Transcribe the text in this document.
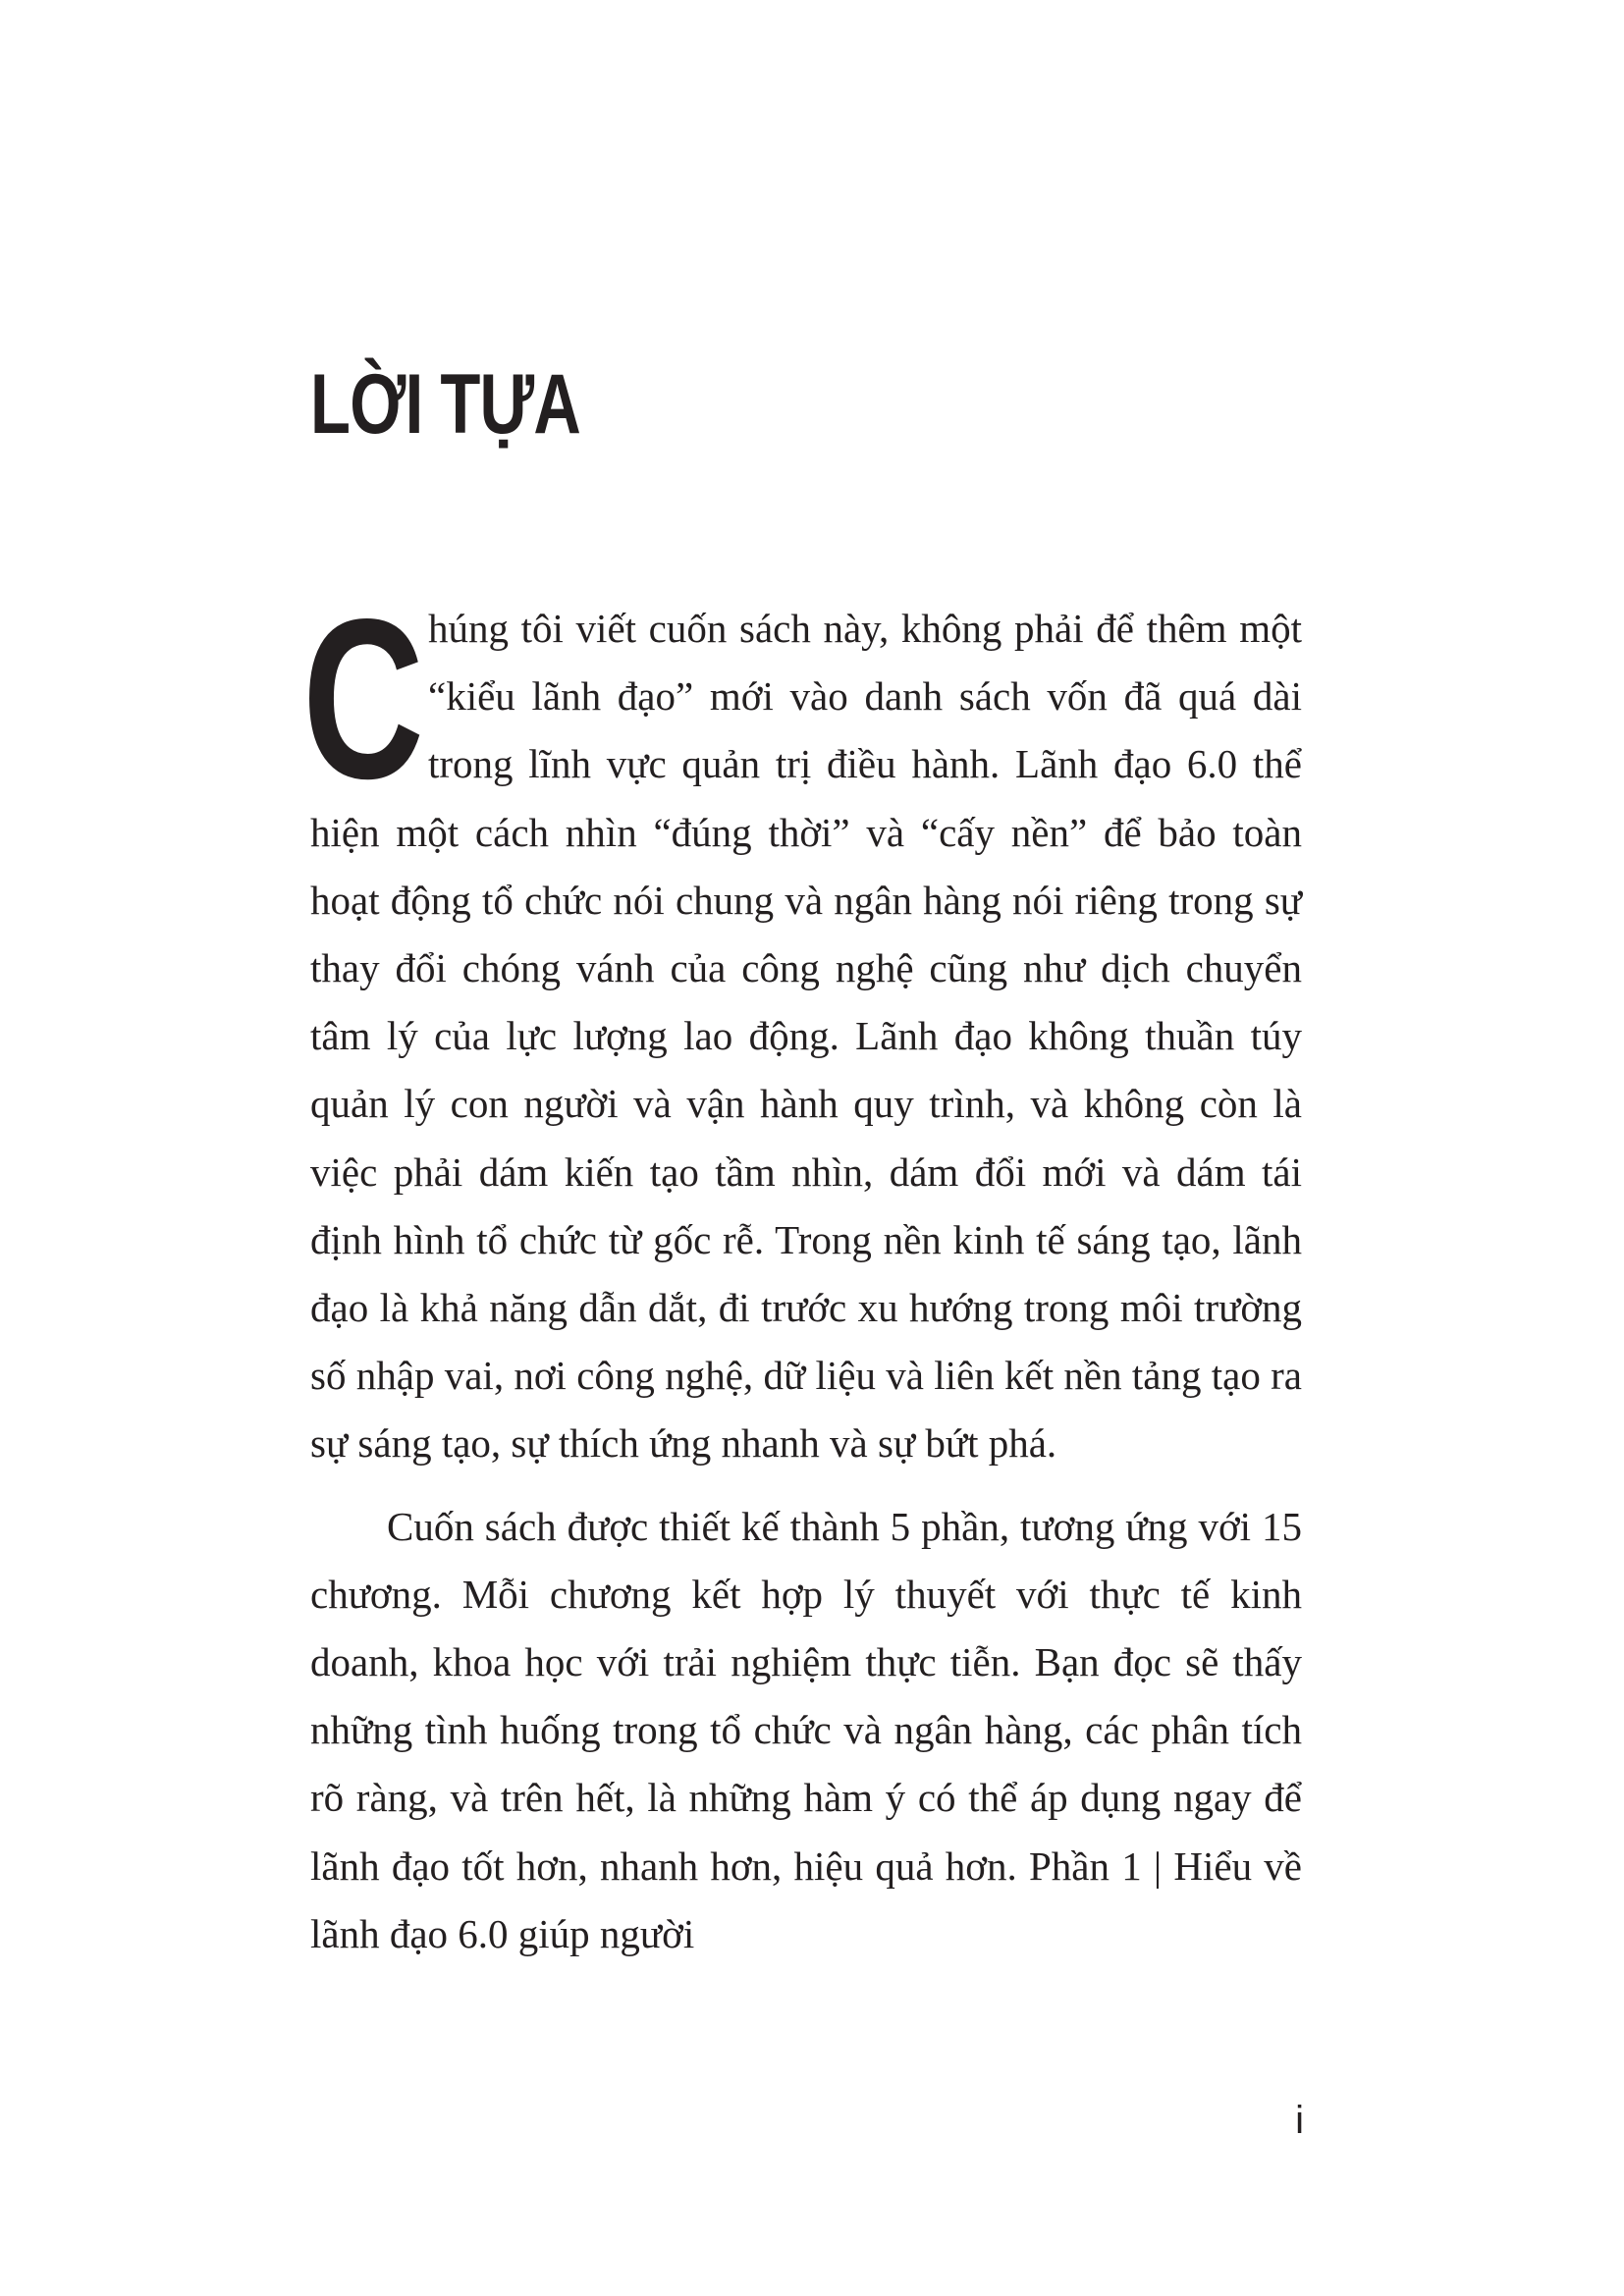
LỜI TỰA

Chúng tôi viết cuốn sách này, không phải để thêm một “kiểu lãnh đạo” mới vào danh sách vốn đã quá dài trong lĩnh vực quản trị điều hành. Lãnh đạo 6.0 thể hiện một cách nhìn “đúng thời” và “cấy nền” để bảo toàn hoạt động tổ chức nói chung và ngân hàng nói riêng trong sự thay đổi chóng vánh của công nghệ cũng như dịch chuyển tâm lý của lực lượng lao động. Lãnh đạo không thuần túy quản lý con người và vận hành quy trình, và không còn là việc phải dám kiến tạo tầm nhìn, dám đổi mới và dám tái định hình tổ chức từ gốc rễ. Trong nền kinh tế sáng tạo, lãnh đạo là khả năng dẫn dắt, đi trước xu hướng trong môi trường số nhập vai, nơi công nghệ, dữ liệu và liên kết nền tảng tạo ra sự sáng tạo, sự thích ứng nhanh và sự bứt phá.

Cuốn sách được thiết kế thành 5 phần, tương ứng với 15 chương. Mỗi chương kết hợp lý thuyết với thực tế kinh doanh, khoa học với trải nghiệm thực tiễn. Bạn đọc sẽ thấy những tình huống trong tổ chức và ngân hàng, các phân tích rõ ràng, và trên hết, là những hàm ý có thể áp dụng ngay để lãnh đạo tốt hơn, nhanh hơn, hiệu quả hơn. Phần 1 | Hiểu về lãnh đạo 6.0 giúp người

i
